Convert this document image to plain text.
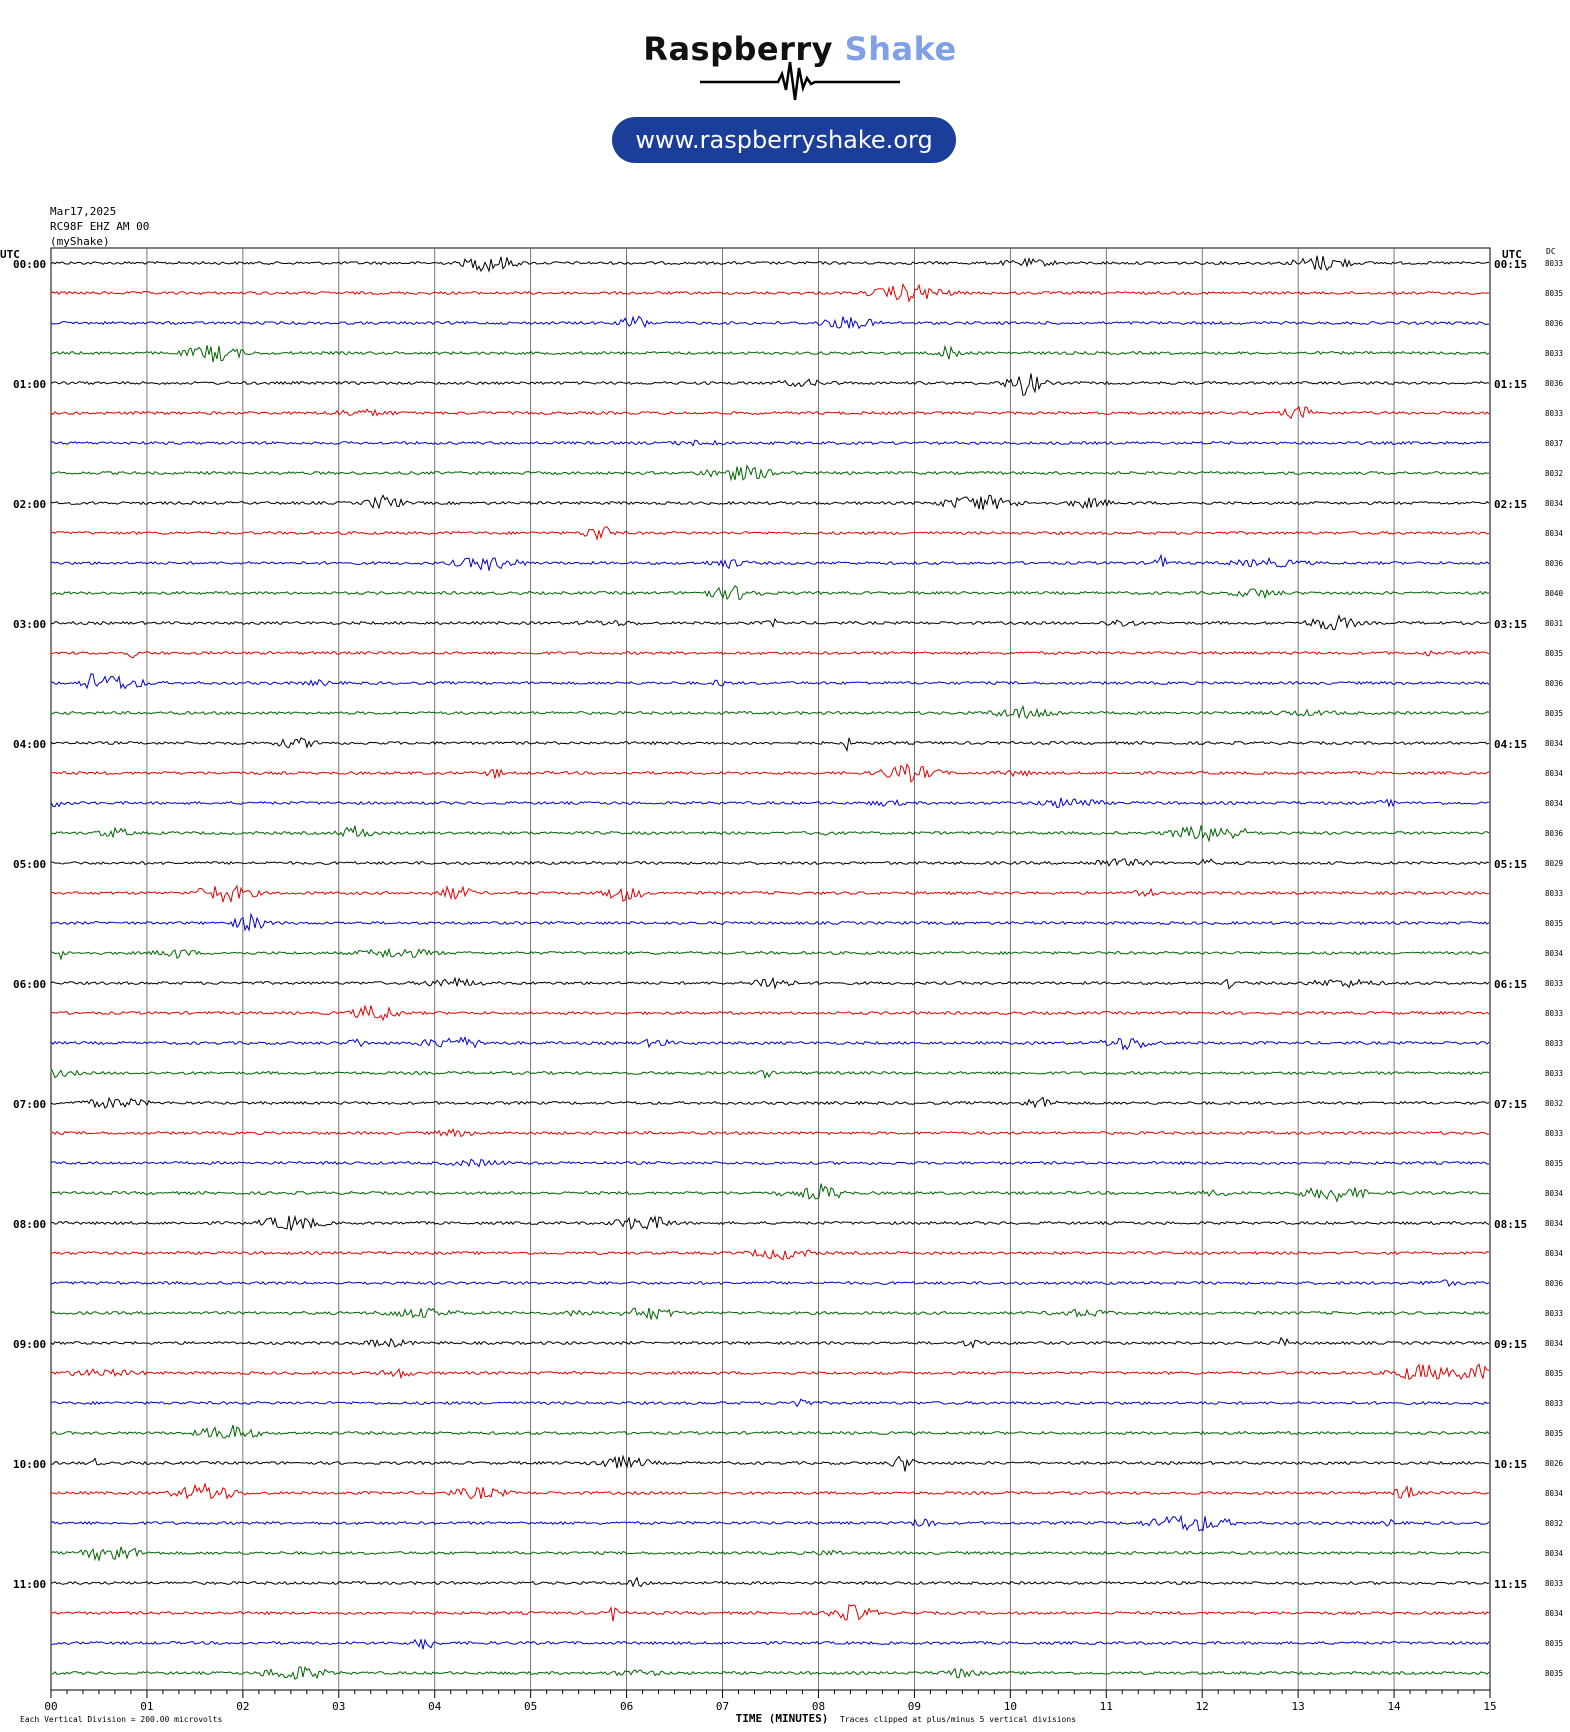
Raspberry Shake
www.raspberryshake.org
Mar17,2025
RC98F EHZ AM 00
(myShake)
00	01	02	03	04	05	06	07	08	09	10	11	12	13	14	15
8033
00:00	00:15
8035
8036
8033
8036
01:00	01:15
8033
8037
8032
8034
02:00	02:15
8034
8036
8040
8031
03:00	03:15
8035
8036
8035
8034
04:00	04:15
8034
8034
8036
8029
05:00	05:15
8033
8035
8034
8033
06:00	06:15
8033
8033
8033
8032
07:00	07:15
8033
8035
8034
8034
08:00	08:15
8034
8036
8033
8034
09:00	09:15
8035
8033
8035
8026
10:00	10:15
8034
8032
8034
8033
11:00	11:15
8034
8035
8035
UTC	UTC	DC
Each Vertical Division = 200.00 microvolts	TIME (MINUTES) Traces clipped at plus/minus 5 vertical divisions
